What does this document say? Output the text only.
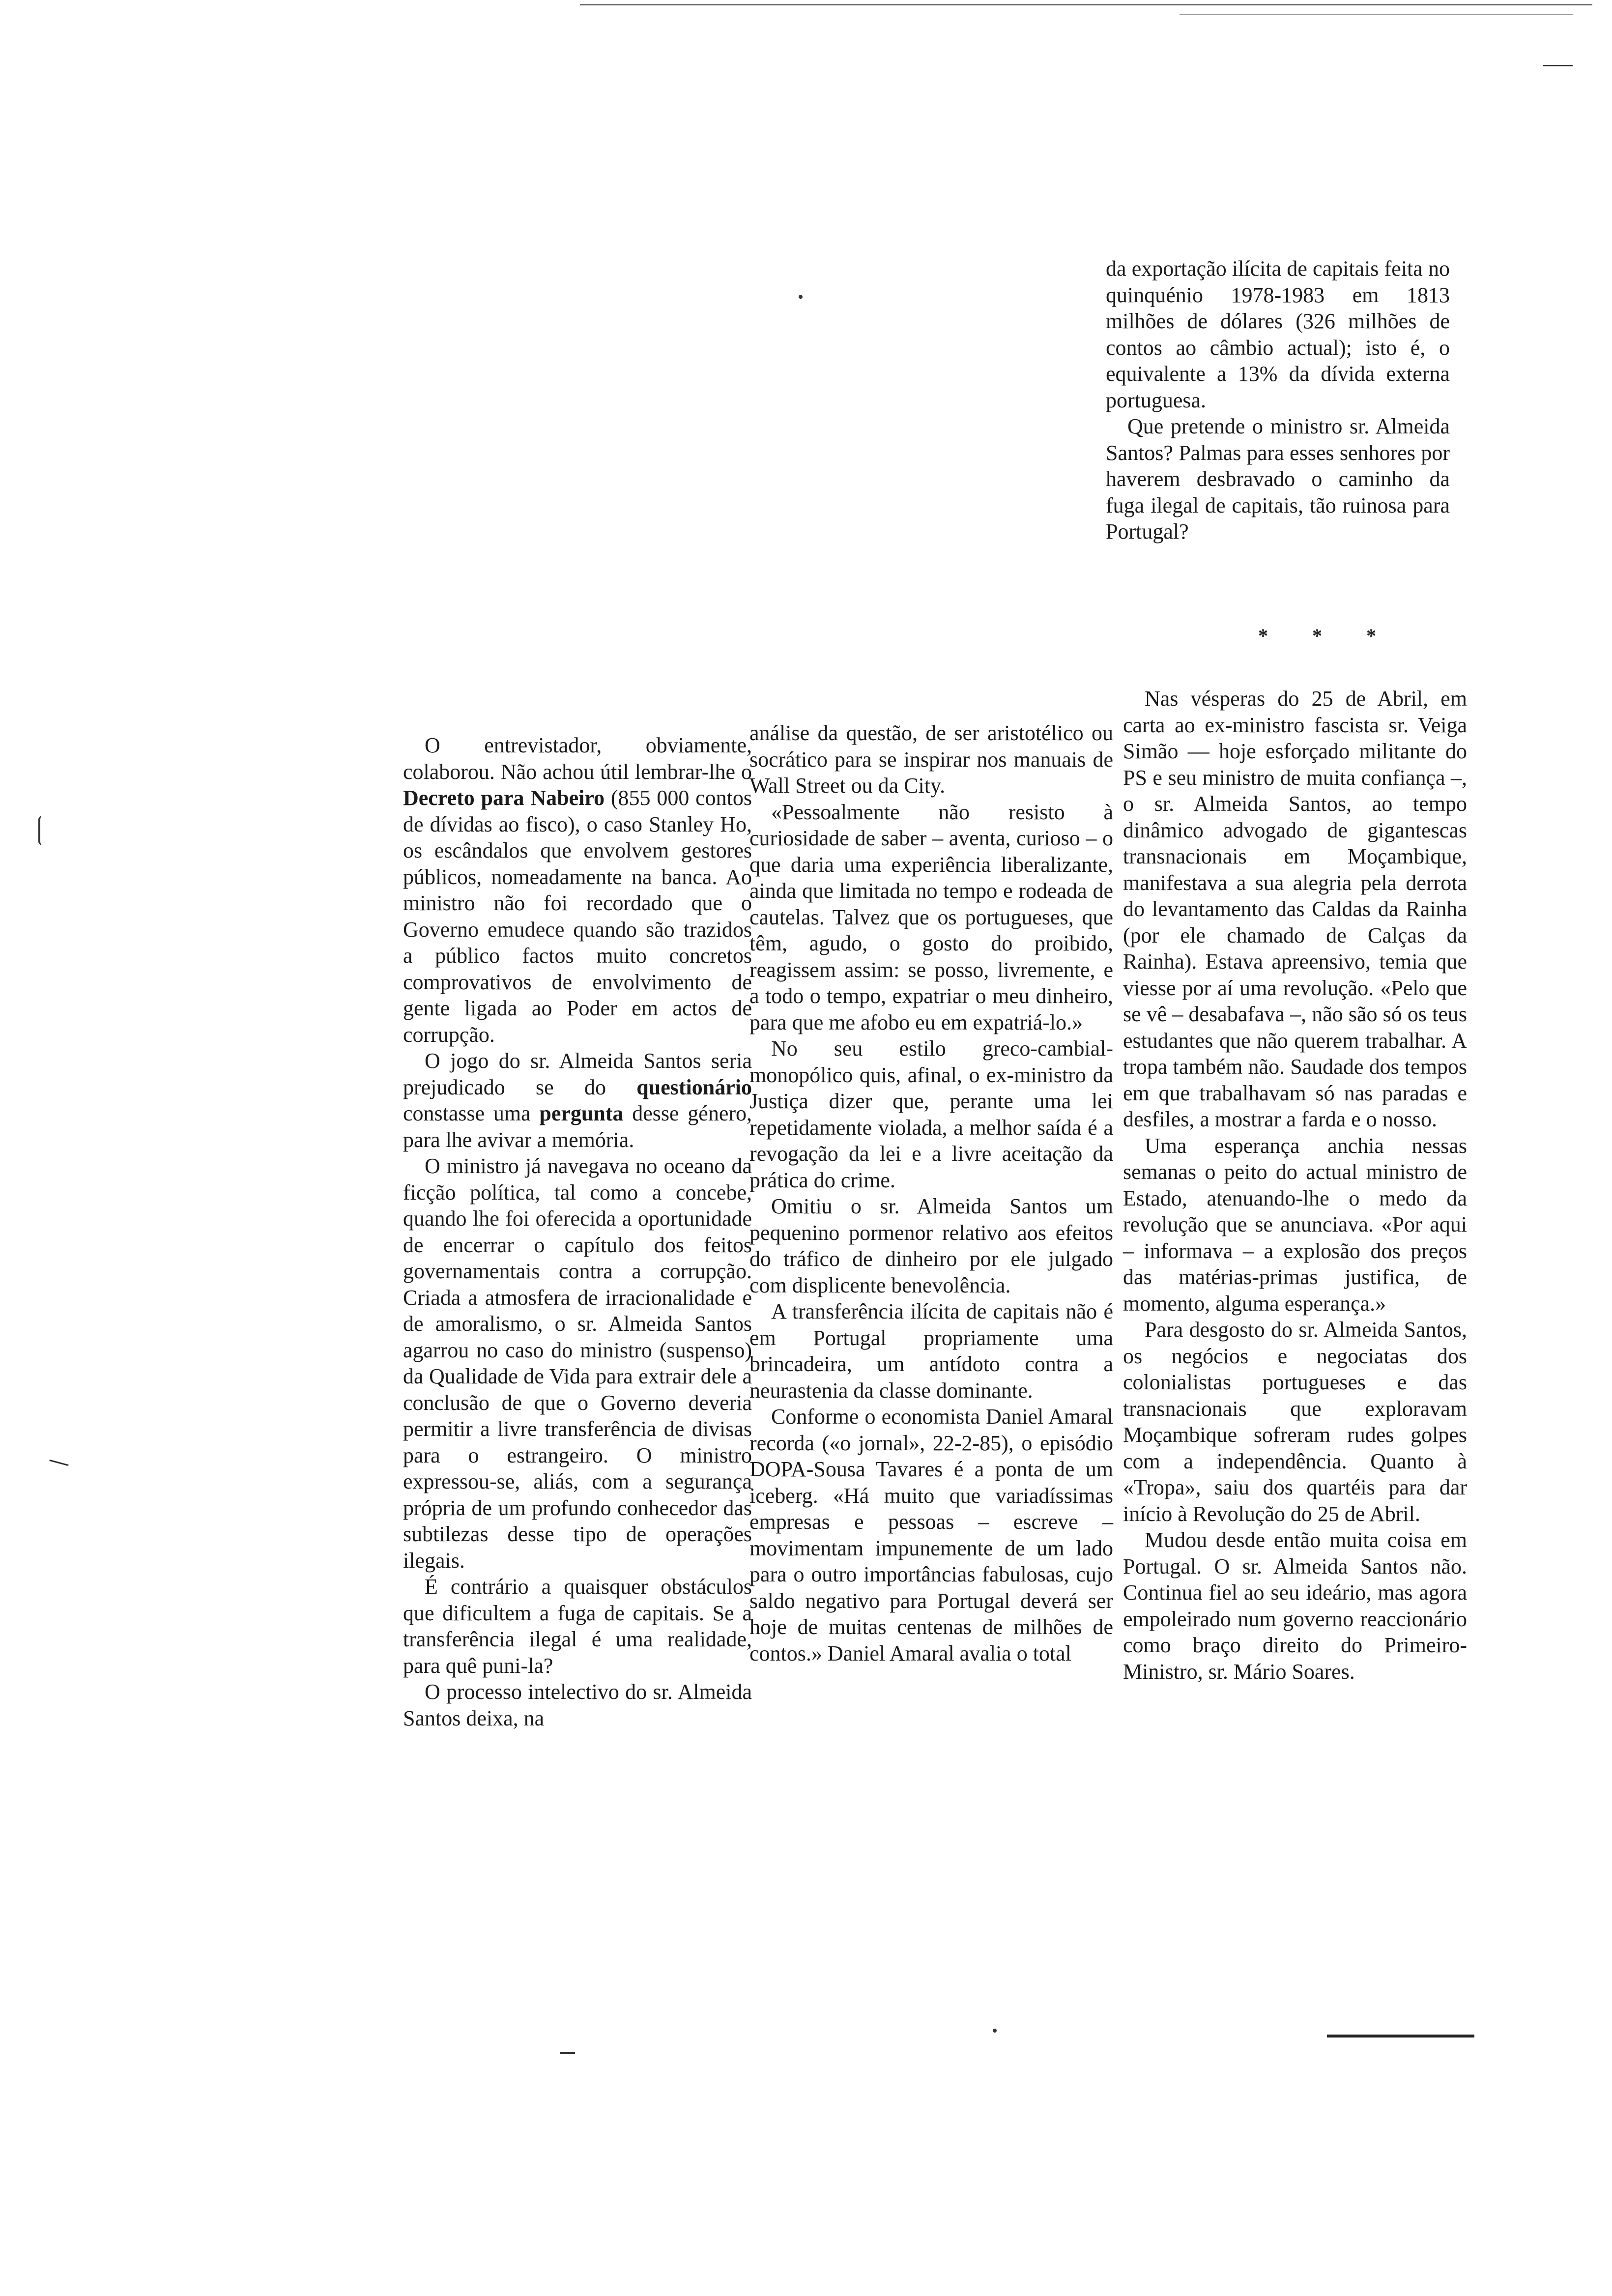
da exportação ilícita de capitais feita no quinquénio 1978-1983 em 1813 milhões de dólares (326 milhões de contos ao câmbio actual); isto é, o equivalente a 13% da dívida externa portuguesa.

Que pretende o ministro sr. Almeida Santos? Palmas para esses senhores por haverem desbravado o caminho da fuga ilegal de capitais, tão ruinosa para Portugal?

* * *

O entrevistador, obviamente, colaborou. Não achou útil lembrar-lhe o Decreto para Nabeiro (855 000 contos de dívidas ao fisco), o caso Stanley Ho, os escândalos que envolvem gestores públicos, nomeadamente na banca. Ao ministro não foi recordado que o Governo emudece quando são trazidos a público factos muito concretos comprovativos de envolvimento de gente ligada ao Poder em actos de corrupção.

O jogo do sr. Almeida Santos seria prejudicado se do questionário constasse uma pergunta desse género, para lhe avivar a memória.

O ministro já navegava no oceano da ficção política, tal como a concebe, quando lhe foi oferecida a oportunidade de encerrar o capítulo dos feitos governamentais contra a corrupção. Criada a atmosfera de irracionalidade e de amoralismo, o sr. Almeida Santos agarrou no caso do ministro (suspenso) da Qualidade de Vida para extrair dele a conclusão de que o Governo deveria permitir a livre transferência de divisas para o estrangeiro. O ministro expressou-se, aliás, com a segurança própria de um profundo conhecedor das subtilezas desse tipo de operações ilegais.

É contrário a quaisquer obstáculos que dificultem a fuga de capitais. Se a transferência ilegal é uma realidade, para quê puni-la?

O processo intelectivo do sr. Almeida Santos deixa, na

análise da questão, de ser aristotélico ou socrático para se inspirar nos manuais de Wall Street ou da City.

«Pessoalmente não resisto à curiosidade de saber – aventa, curioso – o que daria uma experiência liberalizante, ainda que limitada no tempo e rodeada de cautelas. Talvez que os portugueses, que têm, agudo, o gosto do proibido, reagissem assim: se posso, livremente, e a todo o tempo, expatriar o meu dinheiro, para que me afobo eu em expatriá-lo.»

No seu estilo greco-cambial-monopólico quis, afinal, o ex-ministro da Justiça dizer que, perante uma lei repetidamente violada, a melhor saída é a revogação da lei e a livre aceitação da prática do crime.

Omitiu o sr. Almeida Santos um pequenino pormenor relativo aos efeitos do tráfico de dinheiro por ele julgado com displicente benevolência.

A transferência ilícita de capitais não é em Portugal propriamente uma brincadeira, um antídoto contra a neurastenia da classe dominante.

Conforme o economista Daniel Amaral recorda («o jornal», 22-2-85), o episódio DOPA-Sousa Tavares é a ponta de um iceberg. «Há muito que variadíssimas empresas e pessoas – escreve – movimentam impunemente de um lado para o outro importâncias fabulosas, cujo saldo negativo para Portugal deverá ser hoje de muitas centenas de milhões de contos.» Daniel Amaral avalia o total

Nas vésperas do 25 de Abril, em carta ao ex-ministro fascista sr. Veiga Simão — hoje esforçado militante do PS e seu ministro de muita confiança –, o sr. Almeida Santos, ao tempo dinâmico advogado de gigantescas transnacionais em Moçambique, manifestava a sua alegria pela derrota do levantamento das Caldas da Rainha (por ele chamado de Calças da Rainha). Estava apreensivo, temia que viesse por aí uma revolução. «Pelo que se vê – desabafava –, não são só os teus estudantes que não querem trabalhar. A tropa também não. Saudade dos tempos em que trabalhavam só nas paradas e desfiles, a mostrar a farda e o nosso.

Uma esperança anchia nessas semanas o peito do actual ministro de Estado, atenuando-lhe o medo da revolução que se anunciava. «Por aqui – informava – a explosão dos preços das matérias-primas justifica, de momento, alguma esperança.»

Para desgosto do sr. Almeida Santos, os negócios e negociatas dos colonialistas portugueses e das transnacionais que exploravam Moçambique sofreram rudes golpes com a independência. Quanto à «Tropa», saiu dos quartéis para dar início à Revolução do 25 de Abril.

Mudou desde então muita coisa em Portugal. O sr. Almeida Santos não. Continua fiel ao seu ideário, mas agora empoleirado num governo reaccionário como braço direito do Primeiro-Ministro, sr. Mário Soares.
